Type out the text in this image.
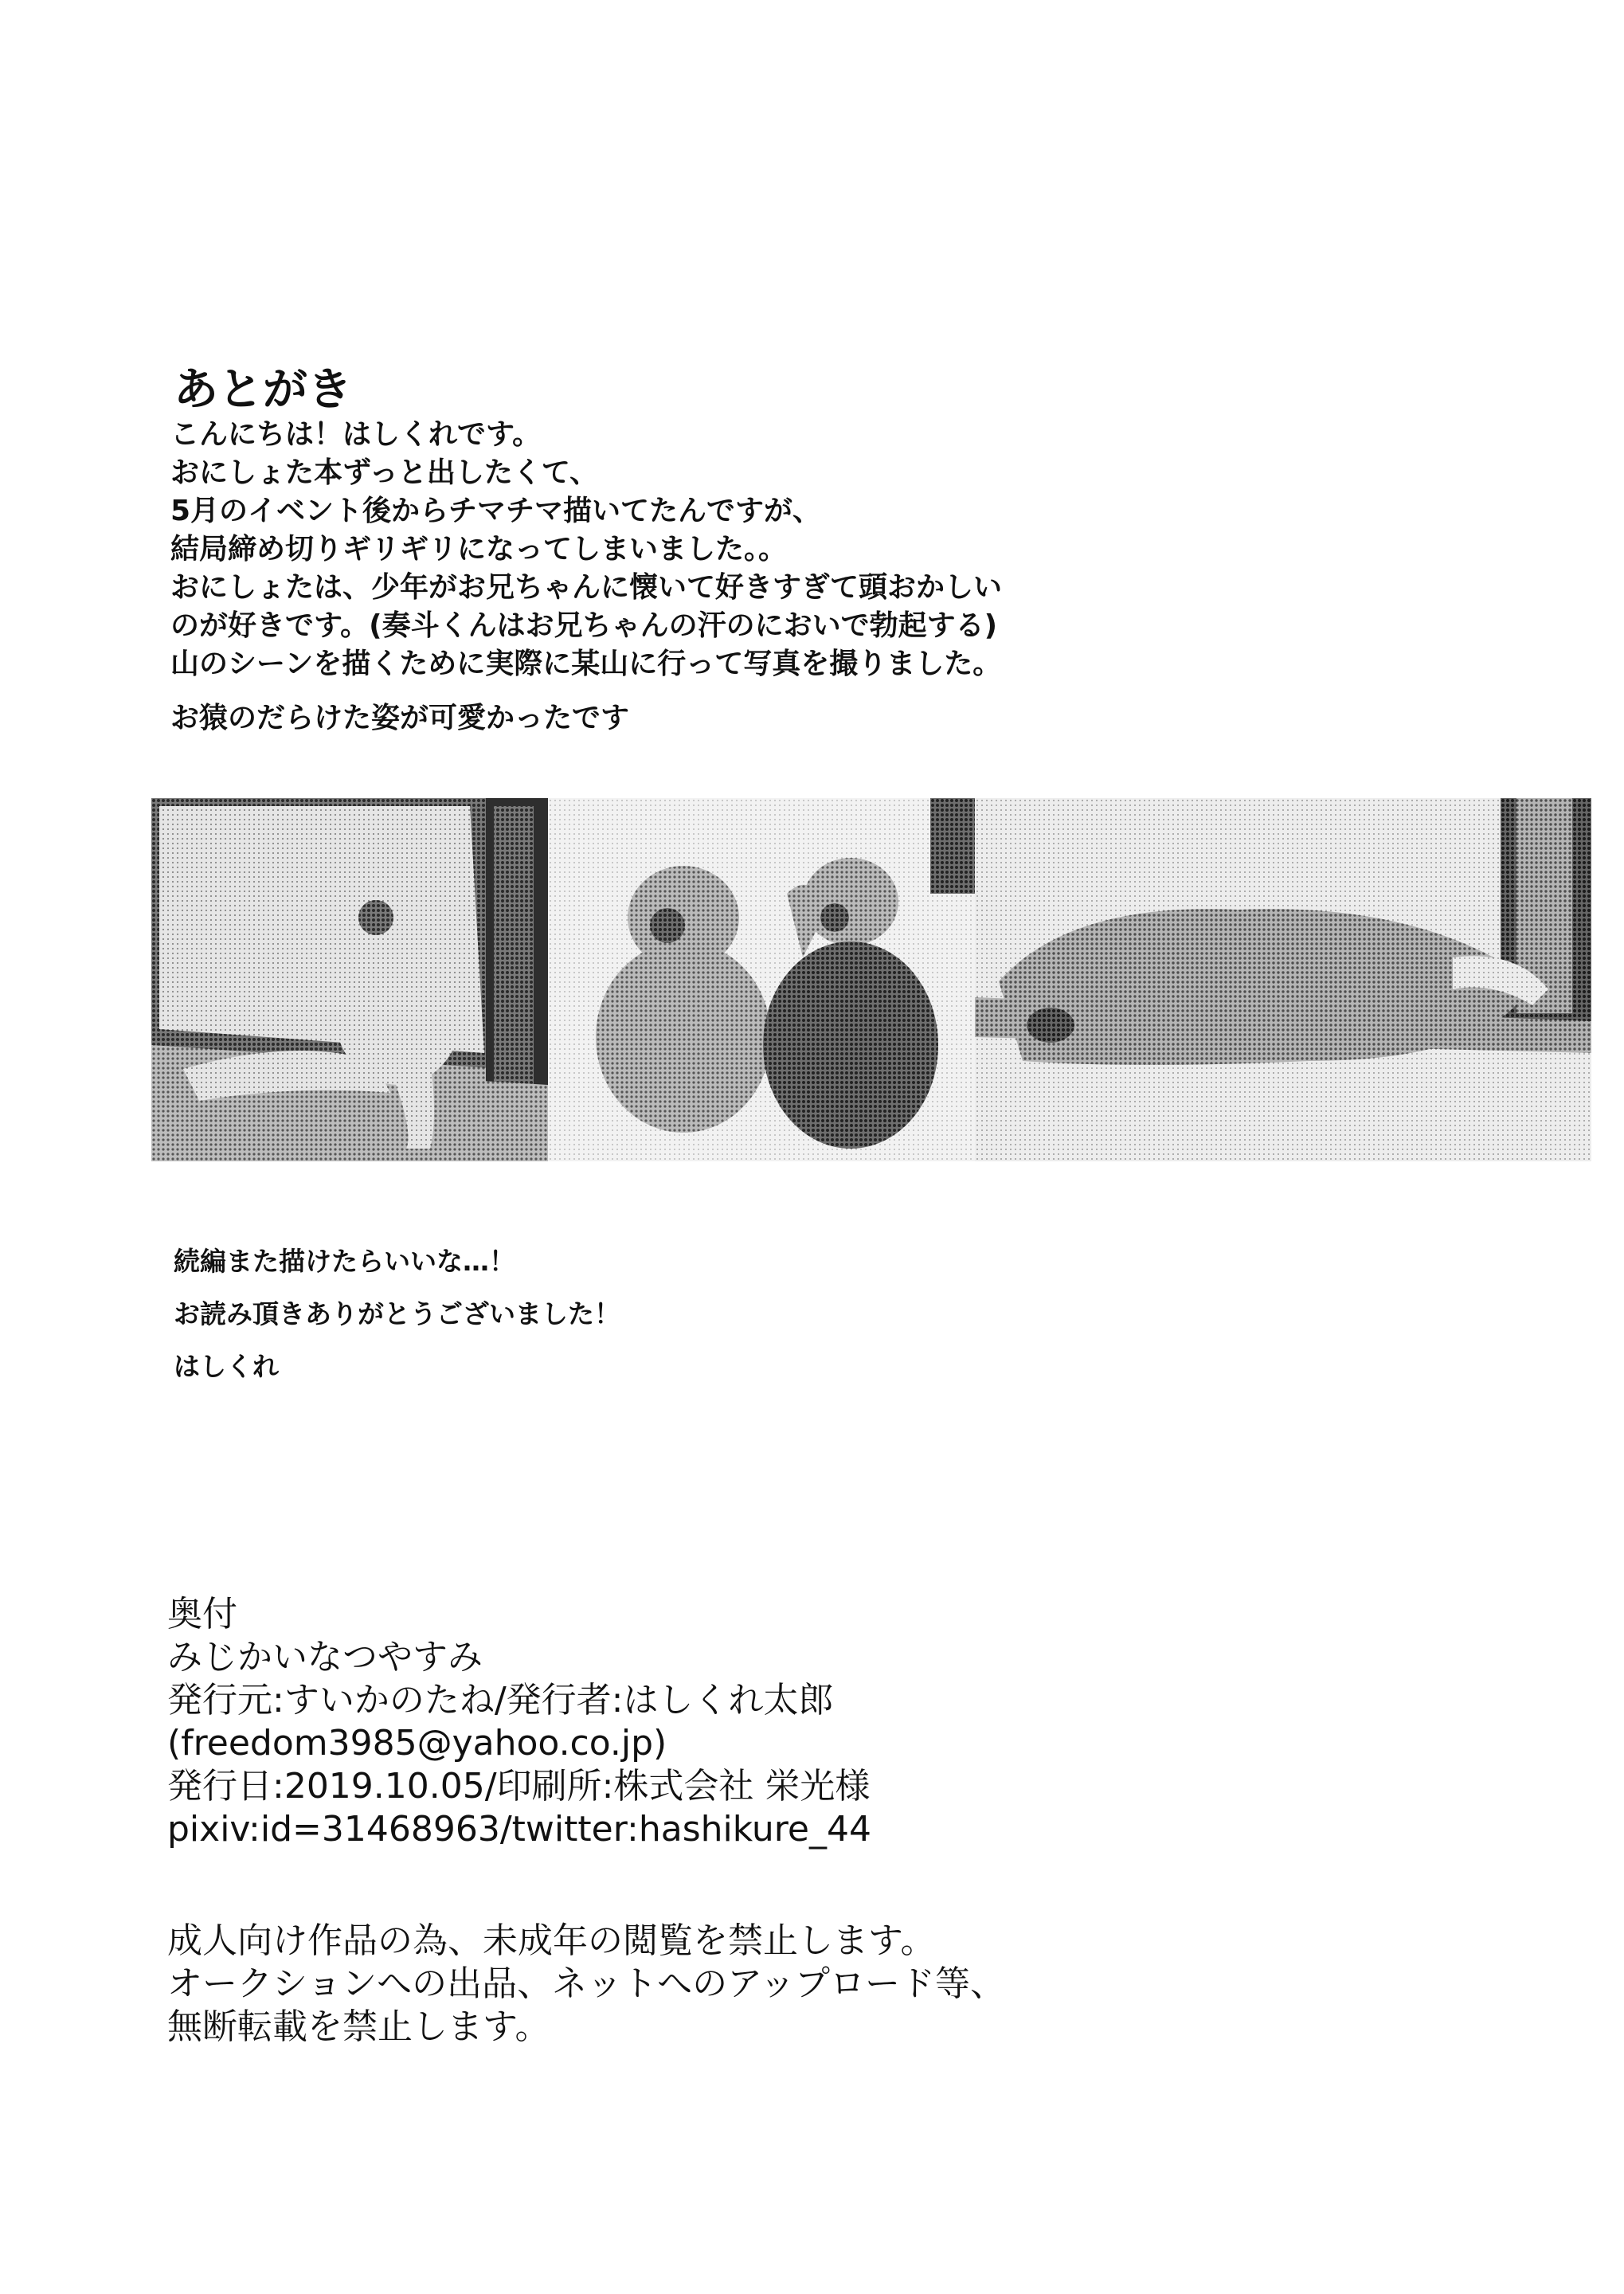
あとがき
こんにちは！はしくれです。
おにしょた本ずっと出したくて、
5月のイベント後からチマチマ描いてたんですが、
結局締め切りギリギリになってしまいました。。
おにしょたは、少年がお兄ちゃんに懐いて好きすぎて頭おかしい
のが好きです。(奏斗くんはお兄ちゃんの汗のにおいで勃起する)
山のシーンを描くために実際に某山に行って写真を撮りました。
お猿のだらけた姿が可愛かったです
続編また描けたらいいな…！
お読み頂きありがとうございました！
はしくれ
奥付
みじかいなつやすみ
発行元:すいかのたね/発行者:はしくれ太郎
(freedom3985@yahoo.co.jp)
発行日:2019.10.05/印刷所:株式会社 栄光様
pixiv:id=31468963/twitter:hashikure_44
成人向け作品の為、未成年の閲覧を禁止します。
オークションへの出品、ネットへのアップロード等、
無断転載を禁止します。
